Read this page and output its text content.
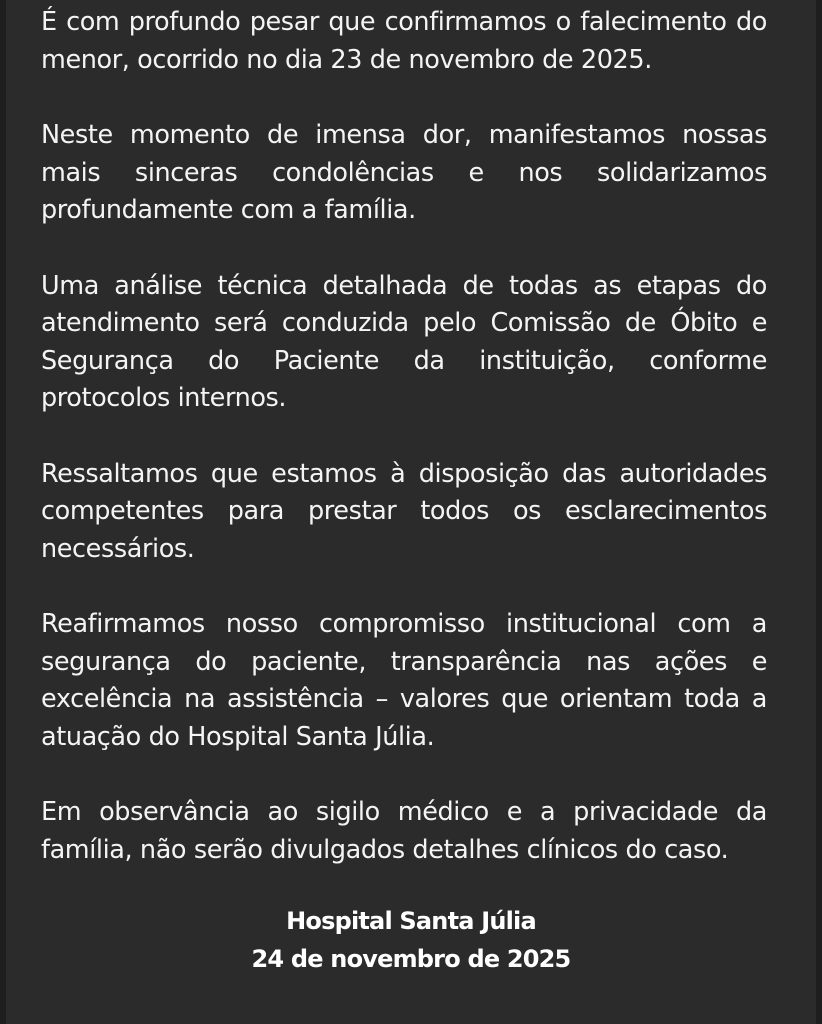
É com profundo pesar que confirmamos o falecimento do menor, ocorrido no dia 23 de novembro de 2025.

Neste momento de imensa dor, manifestamos nossas mais sinceras condolências e nos solidarizamos profundamente com a família.

Uma análise técnica detalhada de todas as etapas do atendimento será conduzida pelo Comissão de Óbito e Segurança do Paciente da instituição, conforme protocolos internos.

Ressaltamos que estamos à disposição das autoridades competentes para prestar todos os esclarecimentos necessários.

Reafirmamos nosso compromisso institucional com a segurança do paciente, transparência nas ações e excelência na assistência – valores que orientam toda a atuação do Hospital Santa Júlia.

Em observância ao sigilo médico e a privacidade da família, não serão divulgados detalhes clínicos do caso.

Hospital Santa Júlia
24 de novembro de 2025
